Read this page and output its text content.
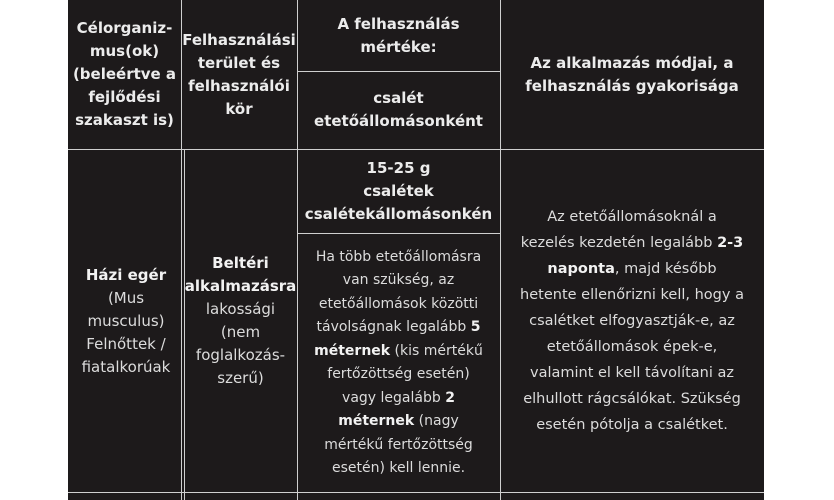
Célorganiz-
mus(ok)
(beleértve a
fejlődési
szakaszt is)
Felhasználási
terület és
felhasználói
kör
A felhasználás
mértéke:
csalét
etetőállomásonként
Az alkalmazás módjai, a
felhasználás gyakorisága
Házi egér
(Mus
musculus)
Felnőttek /
fiatalkorúak
Beltéri
alkalmazásra
lakossági
(nem
foglalkozás-
szerű)
15-25 g
csalétek
csalétekállomásonkén
Ha több etetőállomásra
van szükség, az
etetőállomások közötti
távolságnak legalább 5
méternek (kis mértékű
fertőzöttség esetén)
vagy legalább 2
méternek (nagy
mértékű fertőzöttség
esetén) kell lennie.
Az etetőállomásoknál a
kezelés kezdetén legalább 2-3
naponta, majd később
hetente ellenőrizni kell, hogy a
csalétket elfogyasztják-e, az
etetőállomások épek-e,
valamint el kell távolítani az
elhullott rágcsálókat. Szükség
esetén pótolja a csalétket.
